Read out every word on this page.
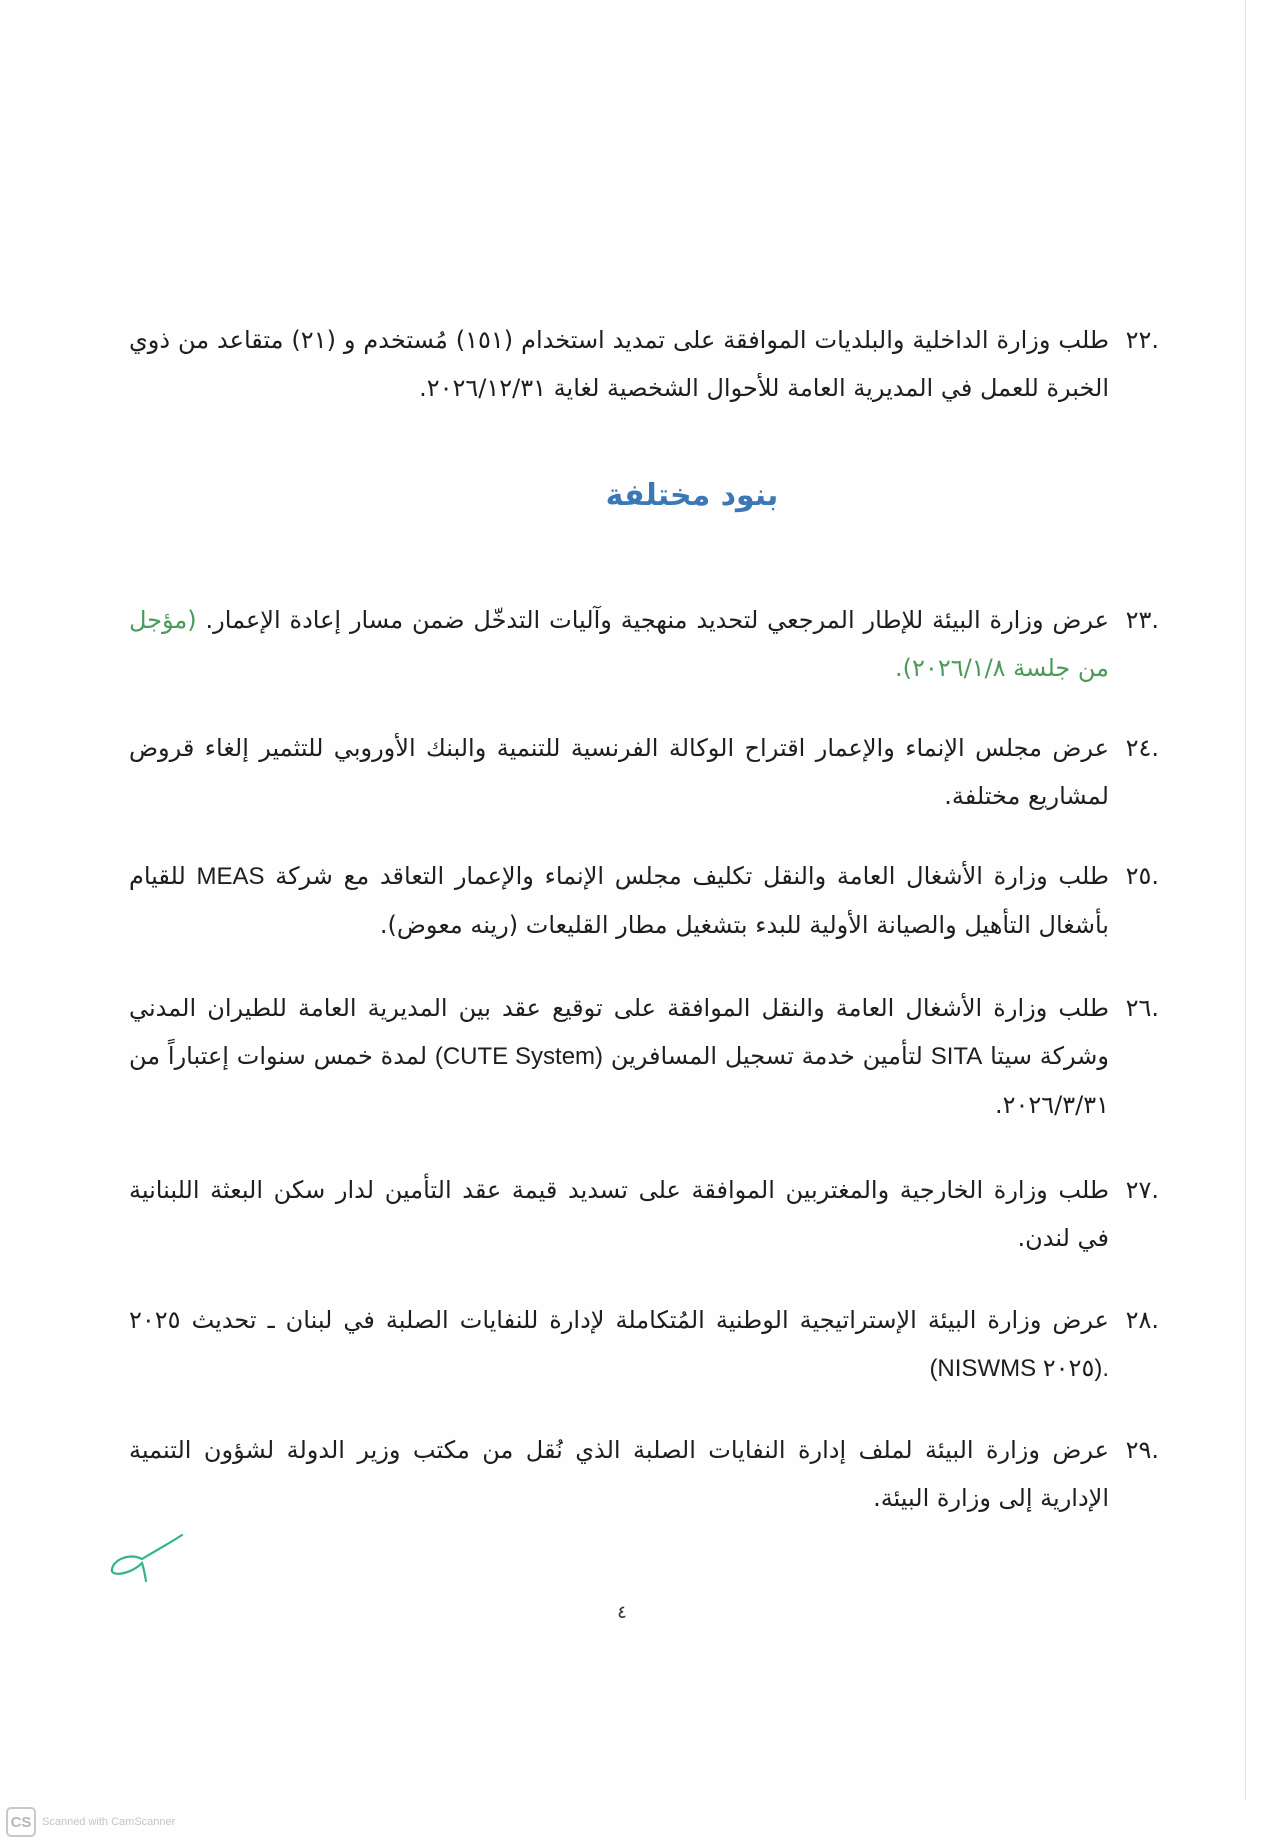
.٢٢
طلب وزارة الداخلية والبلديات الموافقة على تمديد استخدام (١٥١) مُستخدم و (٢١) متقاعد من ذوي الخبرة للعمل في المديرية العامة للأحوال الشخصية لغاية ٢٠٢٦/١٢/٣١.
بنود مختلفة
.٢٣
عرض وزارة البيئة للإطار المرجعي لتحديد منهجية وآليات التدخّل ضمن مسار إعادة الإعمار. (مؤجل من جلسة ٢٠٢٦/١/٨).
.٢٤
عرض مجلس الإنماء والإعمار اقتراح الوكالة الفرنسية للتنمية والبنك الأوروبي للتثمير إلغاء قروض لمشاريع مختلفة.
.٢٥
طلب وزارة الأشغال العامة والنقل تكليف مجلس الإنماء والإعمار التعاقد مع شركة MEAS للقيام بأشغال التأهيل والصيانة الأولية للبدء بتشغيل مطار القليعات (رينه معوض).
.٢٦
طلب وزارة الأشغال العامة والنقل الموافقة على توقيع عقد بين المديرية العامة للطيران المدني وشركة سيتا SITA لتأمين خدمة تسجيل المسافرين (CUTE System) لمدة خمس سنوات إعتباراً من ٢٠٢٦/٣/٣١.
.٢٧
طلب وزارة الخارجية والمغتربين الموافقة على تسديد قيمة عقد التأمين لدار سكن البعثة اللبنانية في لندن.
.٢٨
عرض وزارة البيئة الإستراتيجية الوطنية المُتكاملة لإدارة للنفايات الصلبة في لبنان ـ تحديث ٢٠٢٥ (NISWMS ٢٠٢٥).
.٢٩
عرض وزارة البيئة لملف إدارة النفايات الصلبة الذي نُقل من مكتب وزير الدولة لشؤون التنمية الإدارية إلى وزارة البيئة.
٤
CS Scanned with CamScanner
